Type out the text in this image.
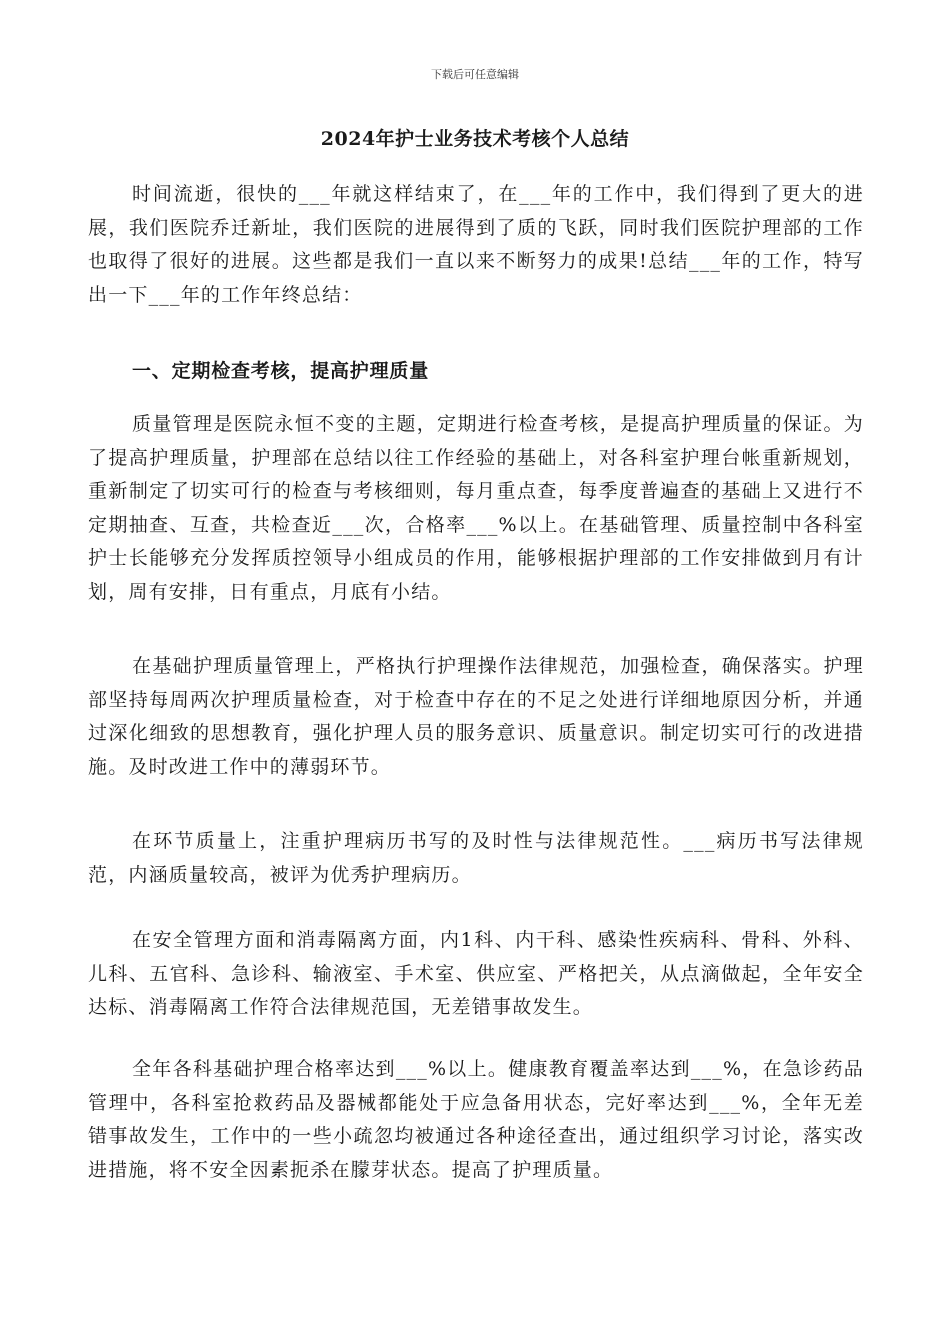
下载后可任意编辑
2024年护士业务技术考核个人总结

时间流逝，很快的___年就这样结束了，在___年的工作中，我们得到了更大的进展，我们医院乔迁新址，我们医院的进展得到了质的飞跃，同时我们医院护理部的工作也取得了很好的进展。这些都是我们一直以来不断努力的成果!总结___年的工作，特写出一下___年的工作年终总结：

一、定期检查考核，提高护理质量

质量管理是医院永恒不变的主题，定期进行检查考核，是提高护理质量的保证。为了提高护理质量，护理部在总结以往工作经验的基础上，对各科室护理台帐重新规划，重新制定了切实可行的检查与考核细则，每月重点查，每季度普遍查的基础上又进行不定期抽查、互查，共检查近___次，合格率___%以上。在基础管理、质量控制中各科室护士长能够充分发挥质控领导小组成员的作用，能够根据护理部的工作安排做到月有计划，周有安排，日有重点，月底有小结。

在基础护理质量管理上，严格执行护理操作法律规范，加强检查，确保落实。护理部坚持每周两次护理质量检查，对于检查中存在的不足之处进行详细地原因分析，并通过深化细致的思想教育，强化护理人员的服务意识、质量意识。制定切实可行的改进措施。及时改进工作中的薄弱环节。

在环节质量上，注重护理病历书写的及时性与法律规范性。___病历书写法律规范，内涵质量较高，被评为优秀护理病历。

在安全管理方面和消毒隔离方面，内1科、内干科、感染性疾病科、骨科、外科、儿科、五官科、急诊科、输液室、手术室、供应室、严格把关，从点滴做起，全年安全达标、消毒隔离工作符合法律规范国，无差错事故发生。

全年各科基础护理合格率达到___%以上。健康教育覆盖率达到___%，在急诊药品管理中，各科室抢救药品及器械都能处于应急备用状态，完好率达到___%，全年无差错事故发生，工作中的一些小疏忽均被通过各种途径查出，通过组织学习讨论，落实改进措施，将不安全因素扼杀在朦芽状态。提高了护理质量。
